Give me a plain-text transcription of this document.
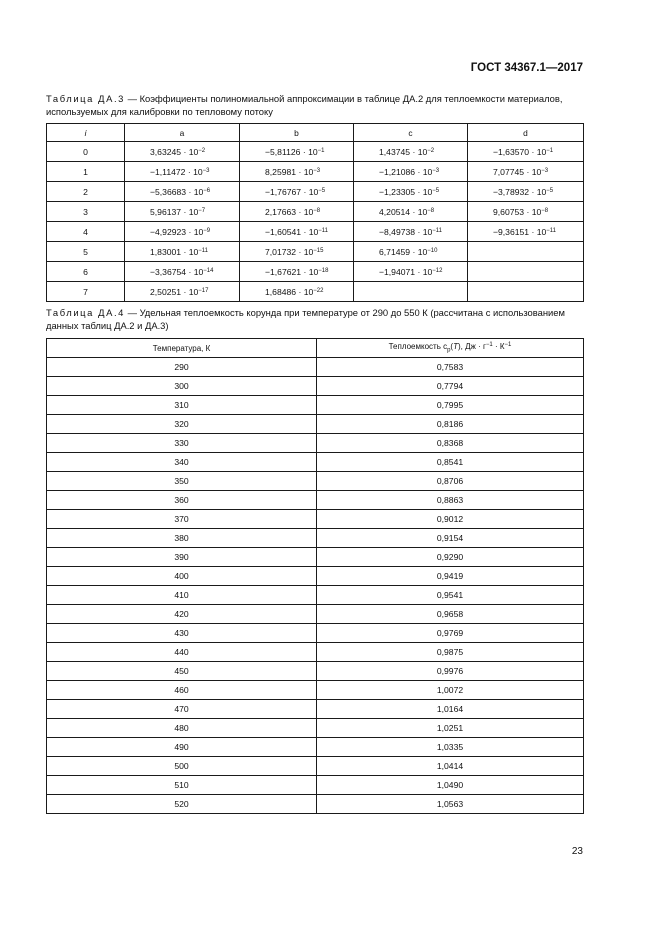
ГОСТ 34367.1—2017
Таблица ДА.3 — Коэффициенты полиномиальной аппроксимации в таблице ДА.2 для теплоемкости материалов, используемых для калибровки по тепловому потоку
i	a	b	c	d
0	$3,63245 \cdot 10^{-2}$	$-5,81126 \cdot 10^{-1}$	$1,43745 \cdot 10^{-2}$	$-1,63570 \cdot 10^{-1}$
1	$-1,11472 \cdot 10^{-3}$	$8,25981 \cdot 10^{-3}$	$-1,21086 \cdot 10^{-3}$	$7,07745 \cdot 10^{-3}$
2	$-5,36683 \cdot 10^{-6}$	$-1,76767 \cdot 10^{-5}$	$-1,23305 \cdot 10^{-5}$	$-3,78932 \cdot 10^{-5}$
3	$5,96137 \cdot 10^{-7}$	$2,17663 \cdot 10^{-8}$	$4,20514 \cdot 10^{-8}$	$9,60753 \cdot 10^{-8}$
4	$-4,92923 \cdot 10^{-9}$	$-1,60541 \cdot 10^{-11}$	$-8,49738 \cdot 10^{-11}$	$-9,36151 \cdot 10^{-11}$
5	$1,83001 \cdot 10^{-11}$	$7,01732 \cdot 10^{-15}$	$6,71459 \cdot 10^{-10}$	
6	$-3,36754 \cdot 10^{-14}$	$-1,67621 \cdot 10^{-18}$	$-1,94071 \cdot 10^{-12}$	
7	$2,50251 \cdot 10^{-17}$	$1,68486 \cdot 10^{-22}$		
Таблица ДА.4 — Удельная теплоемкость корунда при температуре от 290 до 550 К (рассчитана с использованием данных таблиц ДА.2 и ДА.3)
Температура, К	Теплоемкость $c_p(T)$, Дж · $г^{-1} \cdot К^{-1}$
290	0,7583
300	0,7794
310	0,7995
320	0,8186
330	0,8368
340	0,8541
350	0,8706
360	0,8863
370	0,9012
380	0,9154
390	0,9290
400	0,9419
410	0,9541
420	0,9658
430	0,9769
440	0,9875
450	0,9976
460	1,0072
470	1,0164
480	1,0251
490	1,0335
500	1,0414
510	1,0490
520	1,0563
23
